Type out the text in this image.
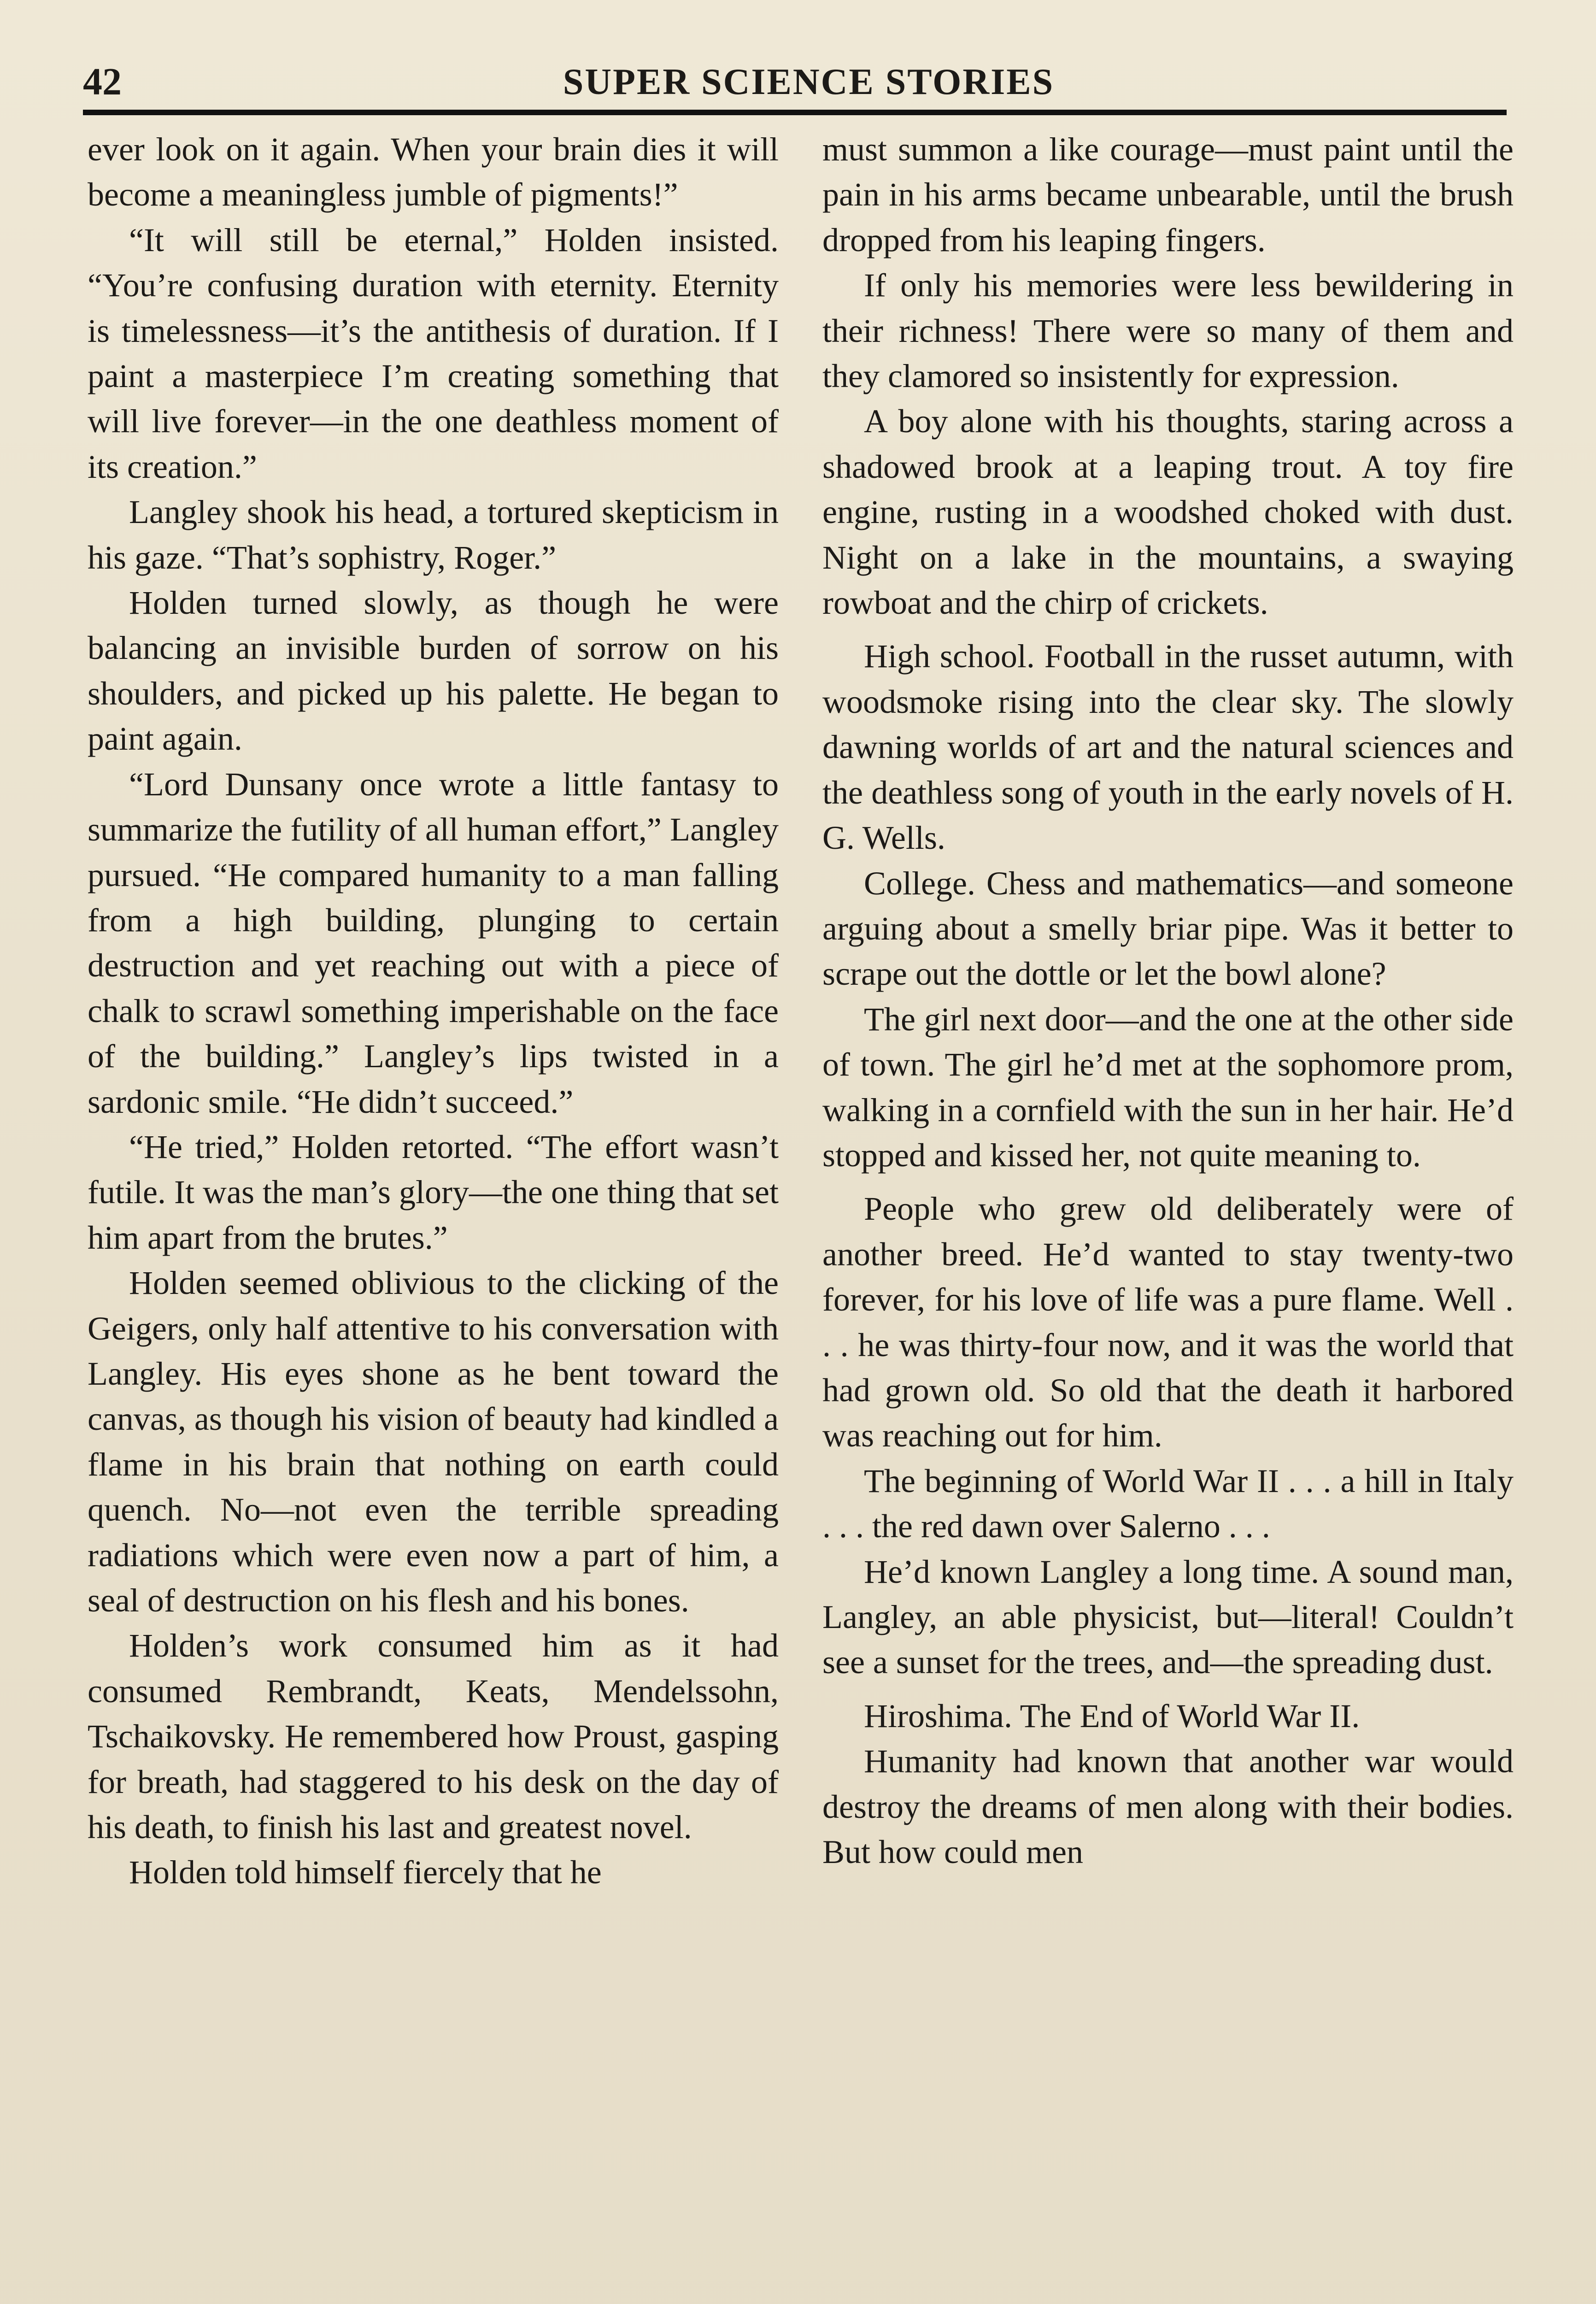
42	SUPER SCIENCE STORIES

ever look on it again. When your brain dies it will become a meaningless jumble of pigments!”

“It will still be eternal,” Holden insisted. “You’re confusing duration with eternity. Eternity is timelessness—it’s the antithesis of duration. If I paint a masterpiece I’m creating something that will live forever—in the one deathless moment of its creation.”

Langley shook his head, a tortured skepticism in his gaze. “That’s sophistry, Roger.”

Holden turned slowly, as though he were balancing an invisible burden of sorrow on his shoulders, and picked up his palette. He began to paint again.

“Lord Dunsany once wrote a little fantasy to summarize the futility of all human effort,” Langley pursued. “He compared humanity to a man falling from a high building, plunging to certain destruction and yet reaching out with a piece of chalk to scrawl something imperishable on the face of the building.” Langley’s lips twisted in a sardonic smile. “He didn’t succeed.”

“He tried,” Holden retorted. “The effort wasn’t futile. It was the man’s glory—the one thing that set him apart from the brutes.”

Holden seemed oblivious to the clicking of the Geigers, only half attentive to his conversation with Langley. His eyes shone as he bent toward the canvas, as though his vision of beauty had kindled a flame in his brain that nothing on earth could quench. No—not even the terrible spreading radiations which were even now a part of him, a seal of destruction on his flesh and his bones.

Holden’s work consumed him as it had consumed Rembrandt, Keats, Mendelssohn, Tschaikovsky. He remembered how Proust, gasping for breath, had staggered to his desk on the day of his death, to finish his last and greatest novel.

Holden told himself fiercely that he

must summon a like courage—must paint until the pain in his arms became unbearable, until the brush dropped from his leaping fingers.

If only his memories were less bewildering in their richness! There were so many of them and they clamored so insistently for expression.

A boy alone with his thoughts, staring across a shadowed brook at a leaping trout. A toy fire engine, rusting in a woodshed choked with dust. Night on a lake in the mountains, a swaying rowboat and the chirp of crickets.

High school. Football in the russet autumn, with woodsmoke rising into the clear sky. The slowly dawning worlds of art and the natural sciences and the deathless song of youth in the early novels of H. G. Wells.

College. Chess and mathematics—and someone arguing about a smelly briar pipe. Was it better to scrape out the dottle or let the bowl alone?

The girl next door—and the one at the other side of town. The girl he’d met at the sophomore prom, walking in a cornfield with the sun in her hair. He’d stopped and kissed her, not quite meaning to.

People who grew old deliberately were of another breed. He’d wanted to stay twenty-two forever, for his love of life was a pure flame. Well . . . he was thirty-four now, and it was the world that had grown old. So old that the death it harbored was reaching out for him.

The beginning of World War II . . . a hill in Italy . . . the red dawn over Salerno . . .

He’d known Langley a long time. A sound man, Langley, an able physicist, but—literal! Couldn’t see a sunset for the trees, and—the spreading dust.

Hiroshima. The End of World War II.

Humanity had known that another war would destroy the dreams of men along with their bodies. But how could men
